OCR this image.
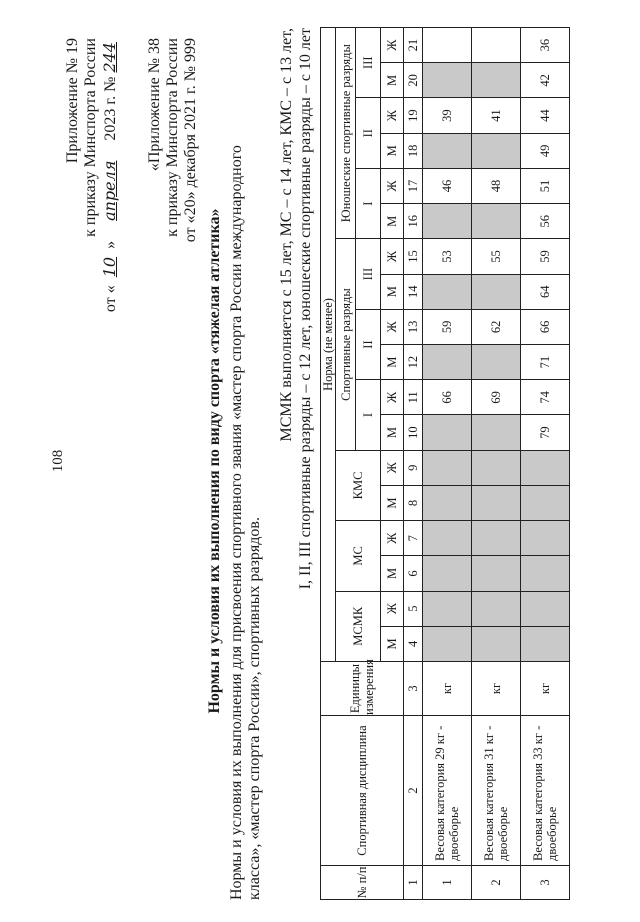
108
Приложение № 19 к приказу Минспорта России
от «10» апреля 2023 г. №244 «Приложение № 38 к приказу Минспорта России от «20» декабря 2021 г. № 999
Нормы и условия их выполнения по виду спорта «тяжелая атлетика» Нормы и условия их выполнения для присвоения спортивного звания «мастер спорта России международного класса», «мастер спорта России», спортивных разрядов.
МСМК выполняется с 15 лет, МС – с 14 лет, КМС – с 13 лет, I, II, III спортивные разряды – с 12 лет, юношеские спортивные разряды – с 10 лет
№ п/п	Спортивная дисциплина	Единицы измерения	Норма (не менее)																	
			МСМК		МС		КМС		Спортивные разряды						Юношеские спортивные разряды					
									I		II		III		I		II		III	
			М	Ж	М	Ж	М	Ж	М	Ж	М	Ж	М	Ж	М	Ж	М	Ж	М	Ж
1	2	3	4	5	6	7	8	9	10	11	12	13	14	15	16	17	18	19	20	21
1	Весовая категория 29 кг - двоеборье	кг								66		59		53		46		39		
2	Весовая категория 31 кг - двоеборье	кг								69		62		55		48		41		
3	Весовая категория 33 кг - двоеборье	кг							79	74	71	66	64	59	56	51	49	44	42	36
